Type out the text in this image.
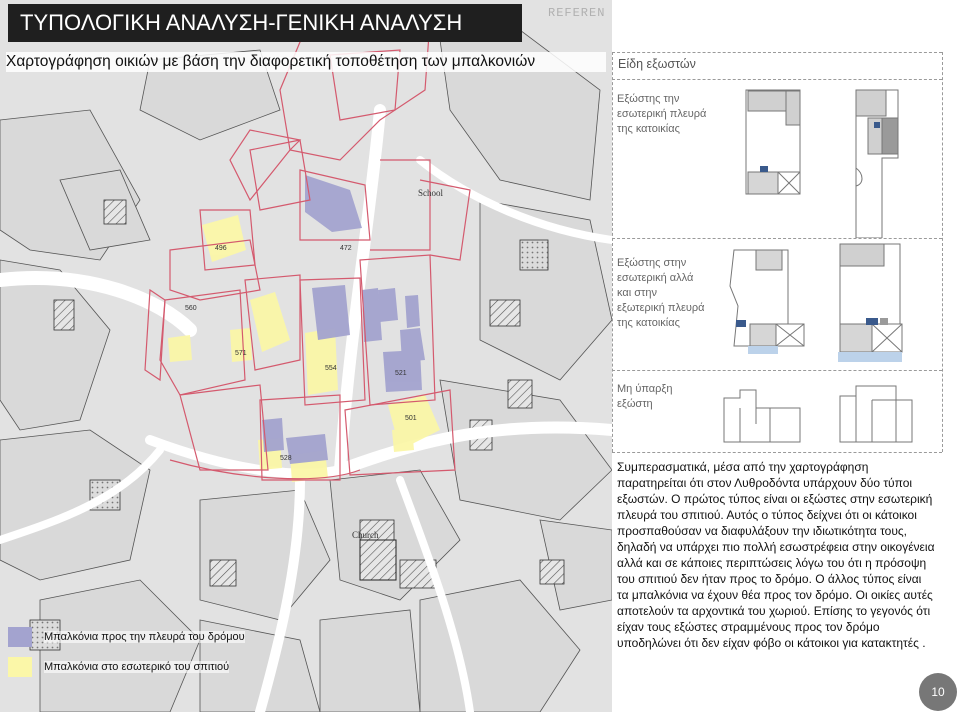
496
560
571
554
521
528
501
472
School
Church
ΤΥΠΟΛΟΓΙΚΗ ΑΝΑΛΥΣΗ-ΓΕΝΙΚΗ ΑΝΑΛΥΣΗ	REFEREN
Χαρτογράφηση οικιών με βάση την διαφορετική τοποθέτηση των μπαλκονιών
Μπαλκόνια προς την πλευρά του δρόμου
Μπαλκόνια στο εσωτερικό του σπιτιού
Είδη εξωστών
Εξώστης την εσωτερική πλευρά της κατοικίας
Εξώστης στην εσωτερική αλλά και στην εξωτερική πλευρά της κατοικίας
Μη ύπαρξη εξώστη
Συμπερασματικά, μέσα από την χαρτογράφηση παρατηρείται ότι στον Λυθροδόντα υπάρχουν δύο τύποι εξωστών. Ο πρώτος τύπος είναι οι εξώστες στην εσωτερική πλευρά του σπιτιού. Αυτός ο τύπος δείχνει ότι οι κάτοικοι προσπαθούσαν να διαφυλάξουν την ιδιωτικότητα τους, δηλαδή να υπάρχει πιο πολλή εσωστρέφεια στην οικογένεια αλλά και σε κάποιες περιπτώσεις λόγω του ότι η πρόσοψη του σπιτιού δεν ήταν προς το δρόμο. Ο άλλος τύπος είναι τα μπαλκόνια να έχουν θέα προς τον δρόμο. Οι οικίες αυτές αποτελούν τα αρχοντικά του χωριού. Επίσης το γεγονός ότι είχαν τους εξώστες στραμμένους προς τον δρόμο υποδηλώνει ότι δεν είχαν φόβο οι κάτοικοι για κατακτητές .
10
